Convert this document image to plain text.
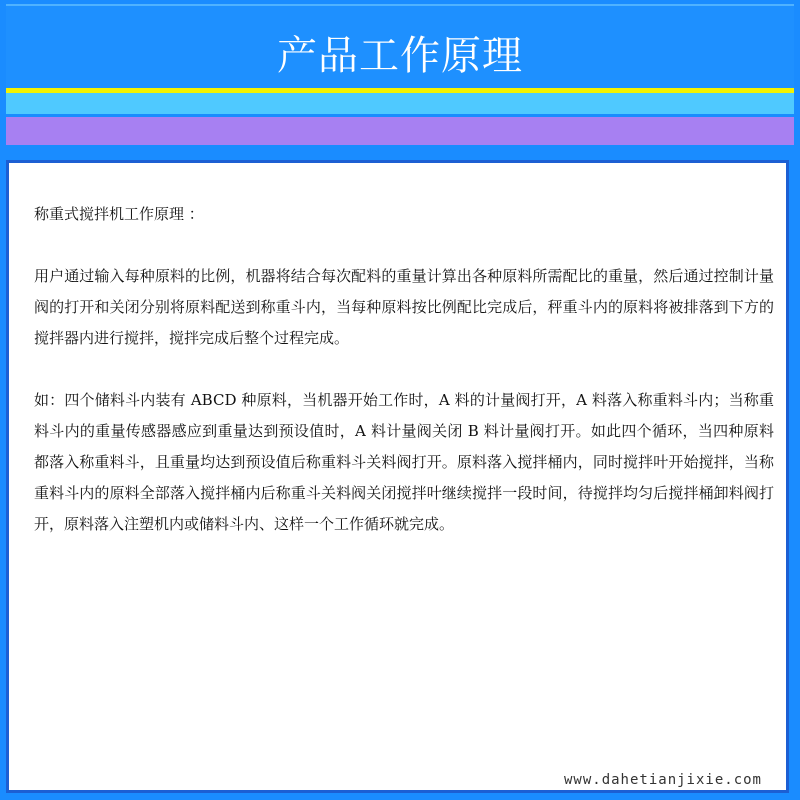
产品工作原理

称重式搅拌机工作原理 ：

用户通过输入每种原料的比例，机器将结合每次配料的重量计算出各种原料所需配比的重量，然后通过控制计量阀的打开和关闭分别将原料配送到称重斗内，当每种原料按比例配比完成后，秤重斗内的原料将被排落到下方的搅拌器内进行搅拌，搅拌完成后整个过程完成。

如：四个储料斗内装有 ABCD 种原料，当机器开始工作时，A 料的计量阀打开，A 料落入称重料斗内；当称重料斗内的重量传感器感应到重量达到预设值时，A 料计量阀关闭 B 料计量阀打开。如此四个循环，当四种原料都落入称重料斗，且重量均达到预设值后称重料斗关料阀打开。原料落入搅拌桶内，同时搅拌叶开始搅拌，当称重料斗内的原料全部落入搅拌桶内后称重斗关料阀关闭搅拌叶继续搅拌一段时间，待搅拌均匀后搅拌桶卸料阀打开，原料落入注塑机内或储料斗内、这样一个工作循环就完成。

www.dahetianjixie.com
